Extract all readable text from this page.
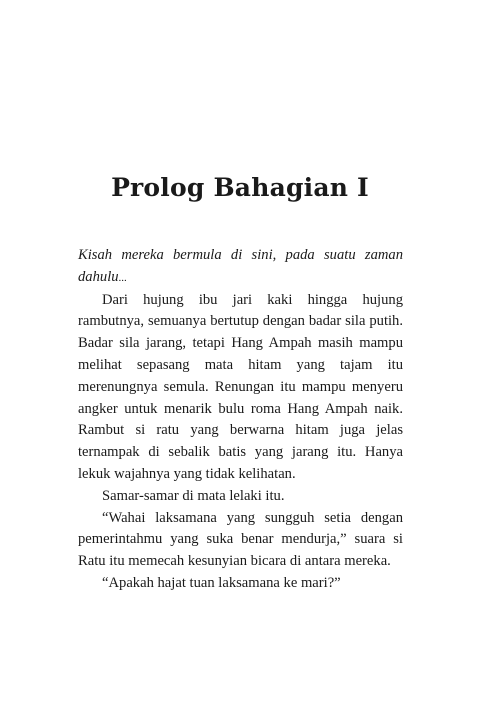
Prolog Bahagian I

Kisah mereka bermula di sini, pada suatu zaman dahulu...

Dari hujung ibu jari kaki hingga hujung rambutnya, semuanya bertutup dengan badar sila putih. Badar sila jarang, tetapi Hang Ampah masih mampu melihat sepasang mata hitam yang tajam itu merenungnya semula. Renungan itu mampu menyeru angker untuk menarik bulu roma Hang Ampah naik. Rambut si ratu yang berwarna hitam juga jelas ternampak di sebalik batis yang jarang itu. Hanya lekuk wajahnya yang tidak kelihatan.

Samar-samar di mata lelaki itu.

“Wahai laksamana yang sungguh setia dengan pemerintahmu yang suka benar mendurja,” suara si Ratu itu memecah kesunyian bicara di antara mereka.

“Apakah hajat tuan laksamana ke mari?”
